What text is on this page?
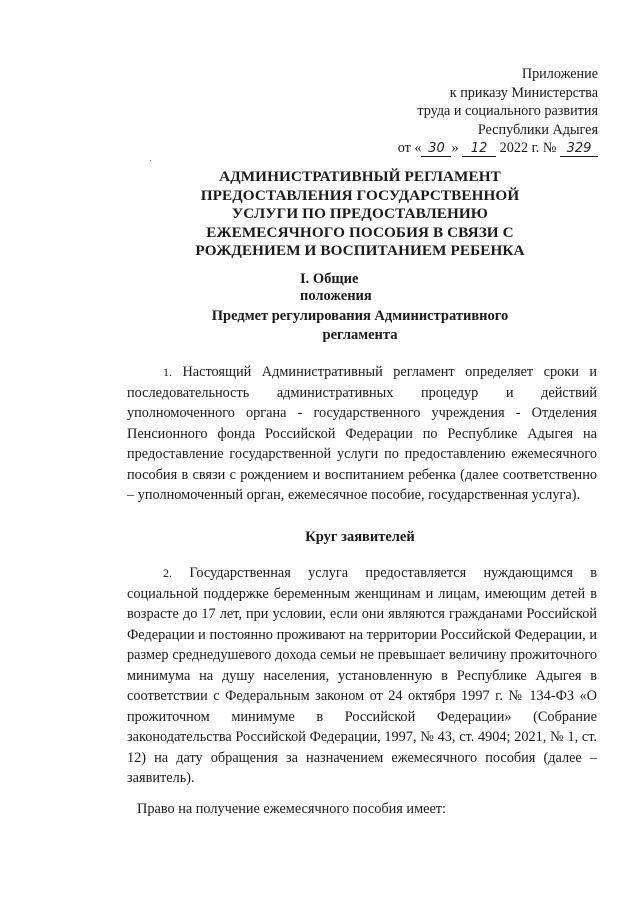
Приложение
к приказу Министерства
труда и социального развития
Республики Адыгея
от « 30 » 12 2022 г. № 329
АДМИНИСТРАТИВНЫЙ РЕГЛАМЕНТ
ПРЕДОСТАВЛЕНИЯ ГОСУДАРСТВЕННОЙ
УСЛУГИ ПО ПРЕДОСТАВЛЕНИЮ
ЕЖЕМЕСЯЧНОГО ПОСОБИЯ В СВЯЗИ С
РОЖДЕНИЕМ И ВОСПИТАНИЕМ РЕБЕНКА
I. Общие положения
Предмет регулирования Административного
регламента
1. Настоящий Административный регламент определяет сроки и последовательность административных процедур и действий уполномоченного органа - государственного учреждения - Отделения Пенсионного фонда Российской Федерации по Республике Адыгея на предоставление государственной услуги по предоставлению ежемесячного пособия в связи с рождением и воспитанием ребенка (далее соответственно – уполномоченный орган, ежемесячное пособие, государственная услуга).
Круг заявителей
2. Государственная услуга предоставляется нуждающимся в социальной поддержке беременным женщинам и лицам, имеющим детей в возрасте до 17 лет, при условии, если они являются гражданами Российской Федерации и постоянно проживают на территории Российской Федерации, и размер среднедушевого дохода семьи не превышает величину прожиточного минимума на душу населения, установленную в Республике Адыгея в соответствии с Федеральным законом от 24 октября 1997 г. № 134-ФЗ «О прожиточном минимуме в Российской Федерации» (Собрание законодательства Российской Федерации, 1997, № 43, ст. 4904; 2021, № 1, ст. 12) на дату обращения за назначением ежемесячного пособия (далее – заявитель).
Право на получение ежемесячного пособия имеет:
